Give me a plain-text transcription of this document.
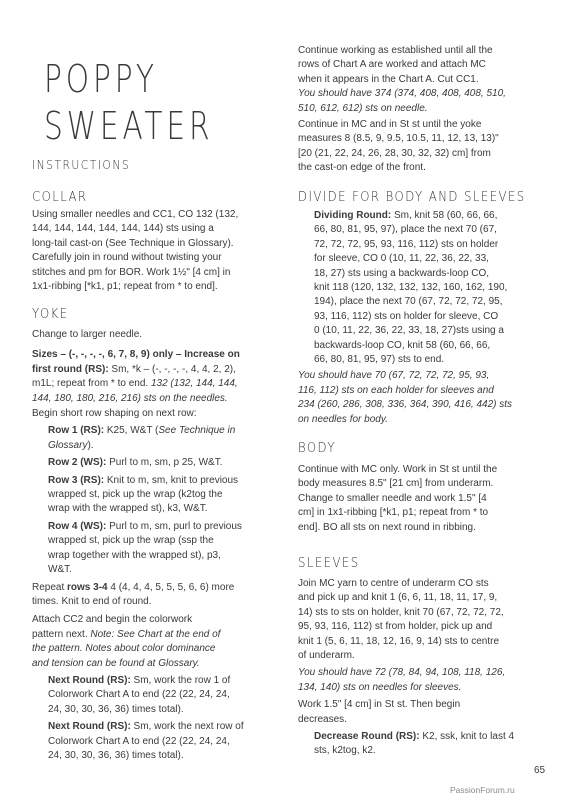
POPPY
SWEATER
INSTRUCTIONS
COLLAR

Using smaller needles and CC1, CO 132 (132,

144, 144, 144, 144, 144, 144) sts using a

long-tail cast-on (See Technique in Glossary).

Carefully join in round without twisting your

stitches and pm for BOR. Work 1½" [4 cm] in

1x1-ribbing [*k1, p1; repeat from * to end].

YOKE

Change to larger needle.

Sizes – (-, -, -, -, 6, 7, 8, 9) only – Increase on

first round (RS): Sm, *k – (-, -, -, -, 4, 4, 2, 2),

m1L; repeat from * to end. 132 (132, 144, 144,

144, 180, 180, 216, 216) sts on the needles.

Begin short row shaping on next row:

Row 1 (RS): K25, W&T (See Technique in

Glossary).

Row 2 (WS): Purl to m, sm, p 25, W&T.

Row 3 (RS): Knit to m, sm, knit to previous

wrapped st, pick up the wrap (k2tog the

wrap with the wrapped st), k3, W&T.

Row 4 (WS): Purl to m, sm, purl to previous

wrapped st, pick up the wrap (ssp the

wrap together with the wrapped st), p3,

W&T.

Repeat rows 3-4 4 (4, 4, 4, 5, 5, 5, 6, 6) more

times. Knit to end of round.

Attach CC2 and begin the colorwork

pattern next. Note: See Chart at the end of

the pattern. Notes about color dominance

and tension can be found at Glossary.

Next Round (RS): Sm, work the row 1 of

Colorwork Chart A to end (22 (22, 24, 24,

24, 30, 30, 36, 36) times total).

Next Round (RS): Sm, work the next row of

Colorwork Chart A to end (22 (22, 24, 24,

24, 30, 30, 36, 36) times total).

Continue working as established until all the

rows of Chart A are worked and attach MC

when it appears in the Chart A. Cut CC1.

You should have 374 (374, 408, 408, 408, 510,

510, 612, 612) sts on needle.

Continue in MC and in St st until the yoke

measures 8 (8.5, 9, 9.5, 10.5, 11, 12, 13, 13)"

[20 (21, 22, 24, 26, 28, 30, 32, 32) cm] from

the cast-on edge of the front.

DIVIDE FOR BODY AND SLEEVES

Dividing Round: Sm, knit 58 (60, 66, 66,

66, 80, 81, 95, 97), place the next 70 (67,

72, 72, 72, 95, 93, 116, 112) sts on holder

for sleeve, CO 0 (10, 11, 22, 36, 22, 33,

18, 27) sts using a backwards-loop CO,

knit 118 (120, 132, 132, 132, 160, 162, 190,

194), place the next 70 (67, 72, 72, 72, 95,

93, 116, 112) sts on holder for sleeve, CO

0 (10, 11, 22, 36, 22, 33, 18, 27)sts using a

backwards-loop CO, knit 58 (60, 66, 66,

66, 80, 81, 95, 97) sts to end.

You should have 70 (67, 72, 72, 72, 95, 93,

116, 112) sts on each holder for sleeves and

234 (260, 286, 308, 336, 364, 390, 416, 442) sts

on needles for body.

BODY

Continue with MC only. Work in St st until the

body measures 8.5" [21 cm] from underarm.

Change to smaller needle and work 1.5" [4

cm] in 1x1-ribbing [*k1, p1; repeat from * to

end]. BO all sts on next round in ribbing.

SLEEVES

Join MC yarn to centre of underarm CO sts

and pick up and knit 1 (6, 6, 11, 18, 11, 17, 9,

14) sts to sts on holder, knit 70 (67, 72, 72, 72,

95, 93, 116, 112) st from holder, pick up and

knit 1 (5, 6, 11, 18, 12, 16, 9, 14) sts to centre

of underarm.

You should have 72 (78, 84, 94, 108, 118, 126,

134, 140) sts on needles for sleeves.

Work 1.5" [4 cm] in St st. Then begin

decreases.

Decrease Round (RS): K2, ssk, knit to last 4

sts, k2tog, k2.

65
PassionForum.ru
